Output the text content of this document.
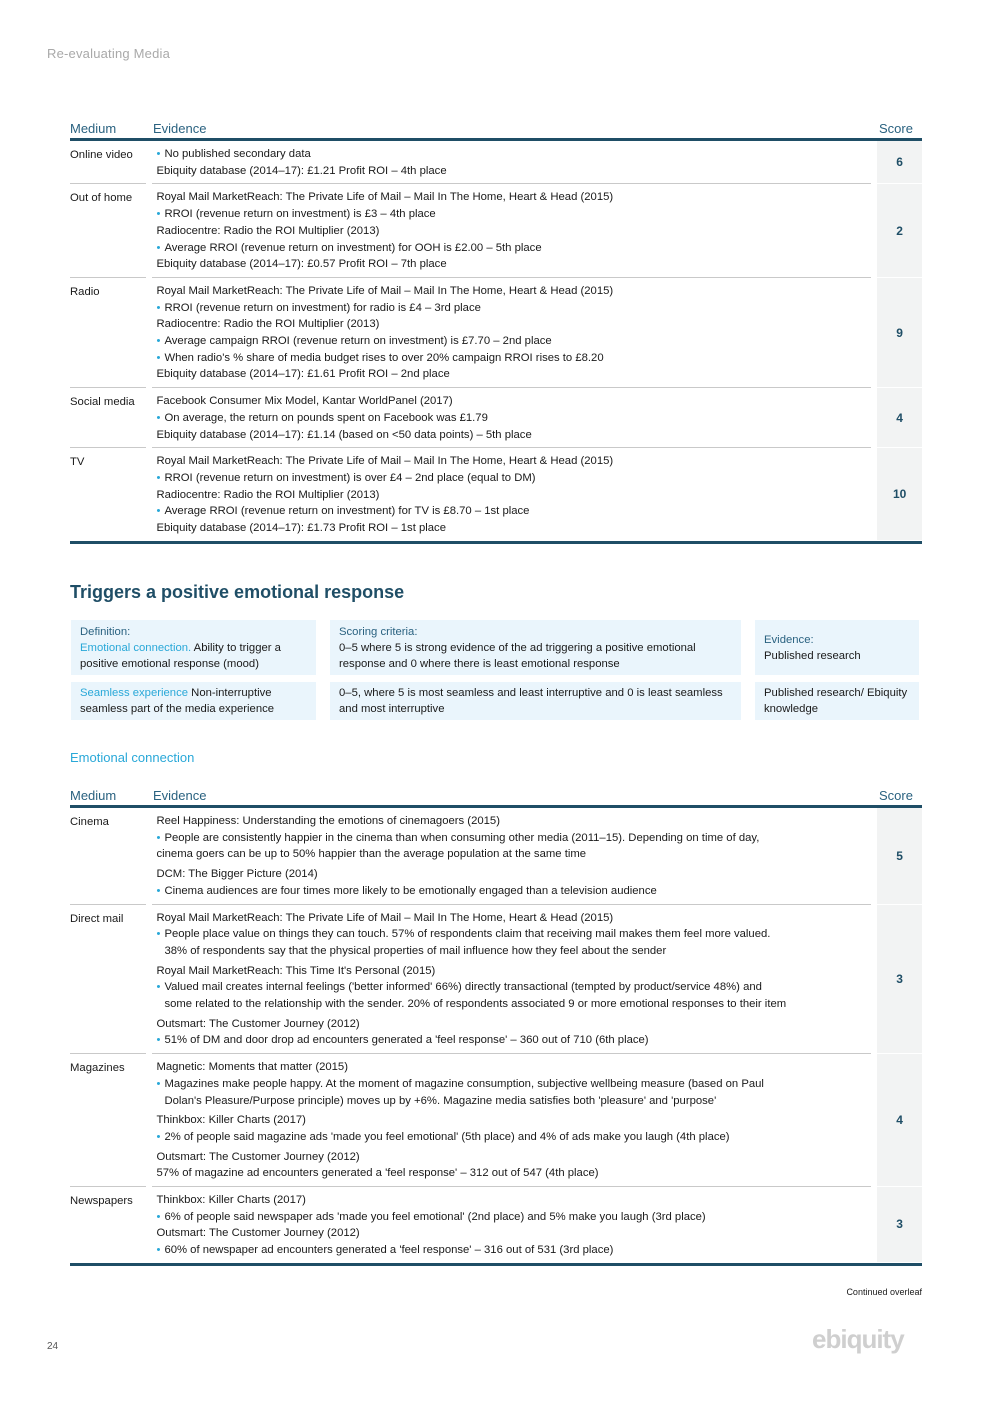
Re-evaluating Media
Medium	Evidence	Score
Online video
•	No published secondary data
Ebiquity database (2014–17): £1.21 Profit ROI – 4th place
6
Out of home	Royal Mail MarketReach: The Private Life of Mail – Mail In The Home, Heart & Head (2015)
• RROI (revenue return on investment) is £3 – 4th place
Radiocentre: Radio the ROI Multiplier (2013)
• Average RROI (revenue return on investment) for OOH is £2.00 – 5th place
Ebiquity database (2014–17): £0.57 Profit ROI – 7th place
2
Radio	Royal Mail MarketReach: The Private Life of Mail – Mail In The Home, Heart & Head (2015)
• RROI (revenue return on investment) for radio is £4 – 3rd place
Radiocentre: Radio the ROI Multiplier (2013)
• Average campaign RROI (revenue return on investment) is £7.70 – 2nd place
• When radio's % share of media budget rises to over 20% campaign RROI rises to £8.20
Ebiquity database (2014–17): £1.61 Profit ROI – 2nd place
9
Social media	Facebook Consumer Mix Model, Kantar WorldPanel (2017)
• On average, the return on pounds spent on Facebook was £1.79
Ebiquity database (2014–17): £1.14 (based on <50 data points) – 5th place
4
TV	Royal Mail MarketReach: The Private Life of Mail – Mail In The Home, Heart & Head (2015)
• RROI (revenue return on investment) is over £4 – 2nd place (equal to DM)
Radiocentre: Radio the ROI Multiplier (2013)
• Average RROI (revenue return on investment) for TV is £8.70 – 1st place
Ebiquity database (2014–17): £1.73 Profit ROI – 1st place
10
Triggers a positive emotional response
Definition:
Emotional connection. Ability to trigger a positive emotional response (mood)
Scoring criteria:
0–5 where 5 is strong evidence of the ad triggering a positive emotional response and 0 where there is least emotional response
Evidence:
Published research
Seamless experience Non-interruptive seamless part of the media experience
0–5, where 5 is most seamless and least interruptive and 0 is least seamless and most interruptive
Published research/ Ebiquity knowledge
Emotional connection
Medium	Evidence	Score
Cinema	Reel Happiness: Understanding the emotions of cinemagoers (2015)
• People are consistently happier in the cinema than when consuming other media (2011–15). Depending on time of day,
cinema goers can be up to 50% happier than the average population at the same time
DCM: The Bigger Picture (2014)
• Cinema audiences are four times more likely to be emotionally engaged than a television audience
5
Direct mail	Royal Mail MarketReach: The Private Life of Mail – Mail In The Home, Heart & Head (2015)
• People place value on things they can touch. 57% of respondents claim that receiving mail makes them feel more valued.
38% of respondents say that the physical properties of mail influence how they feel about the sender
Royal Mail MarketReach: This Time It's Personal (2015)
• Valued mail creates internal feelings ('better informed' 66%) directly transactional (tempted by product/service 48%) and
some related to the relationship with the sender. 20% of respondents associated 9 or more emotional responses to their item
Outsmart: The Customer Journey (2012)
• 51% of DM and door drop ad encounters generated a 'feel response' – 360 out of 710 (6th place)
3
Magazines	Magnetic: Moments that matter (2015)
• Magazines make people happy. At the moment of magazine consumption, subjective wellbeing measure (based on Paul
Dolan's Pleasure/Purpose principle) moves up by +6%. Magazine media satisfies both 'pleasure' and 'purpose'
Thinkbox: Killer Charts (2017)
• 2% of people said magazine ads 'made you feel emotional' (5th place) and 4% of ads make you laugh (4th place)
Outsmart: The Customer Journey (2012)
57% of magazine ad encounters generated a 'feel response' – 312 out of 547 (4th place)
4
Newspapers	Thinkbox: Killer Charts (2017)
• 6% of people said newspaper ads 'made you feel emotional' (2nd place) and 5% make you laugh (3rd place)
Outsmart: The Customer Journey (2012)
• 60% of newspaper ad encounters generated a 'feel response' – 316 out of 531 (3rd place)
3
Continued overleaf
24	ebiquity
